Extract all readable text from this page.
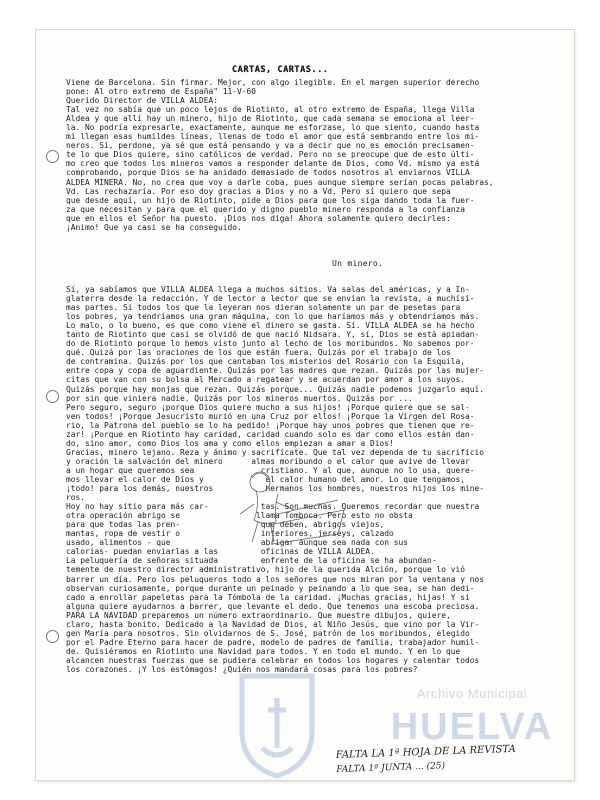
CARTAS, CARTAS...
Viene de Barcelona. Sin firmar. Mejor, con algo ilegible. En el margen superior derecho
pone: Al otro extremo de España" 11-V-60
Querido Director de VILLA ALDEA:
Tal vez no sabía que un poco lejos de Riotinto, al otro extremo de España, llega Villa
Aldea y que allí hay un minero, hijo de Riotinto, que cada semana se emociona al leer-
la. No podría expresarle, exactamente, aunque me esforzase, lo que siento, cuando hasta
mi llegan esas humildes líneas, llenas de todo el amor que está sembrando entre los mi-
neros. Sí, perdone, ya sé que está pensando y va a decir que no es emoción precisamen-
te lo que Dios quiere, sino católicos de verdad. Pero no se preocupe que de esto últi-
mo creo que todos los mineros vamos a responder delante de Dios, como Vd. mismo ya está
comprobando, porque Dios se ha anidado demasiado de todos nosotros al enviarnos VILLA
ALDEA MINERA. No, no crea que voy a darle coba, pues aunque siempre serían pocas palabras,
Vd. Las rechazaría. Por eso doy gracias a Dios y no a Vd. Pero sí quiero que sepa
que desde aquí, un hijo de Riotinto, pide a Dios para que los siga dando toda la fuer-
za que necesitan y para que el querido y digno pueblo minero responda a la confianza
que en ellos el Señor ha puesto. ¡Dios nos diga! Ahora solamente quiero decirles:
¡Animo! Que ya casi se ha conseguido.
Un minero.
Sí, ya sabíamos que VILLA ALDEA llega a muchos sitios. Va salas del américas, y a In-
glaterra desde la redacción. Y de lector a lector que se envían la revista, a muchísi-
mas partes. Si todos los que la leyeran nos dieran solamente un par de pesetas para
los pobres, ya tendríamos una gran máquina, con lo que haríamos más y obtendríamos más.
Lo malo, o lo bueno, es que como viene el dinero se gasta. Sí. VILLA ALDEA se ha hecho
tanto de Riotinto que casi se olvidó de que nació Nidsara. Y, sí, Dios se está apiadan-
do de Riotinto porque lo hemos visto junto al lecho de los moribundos. No sabemos por-
qué. Quizá por las oraciones de los que están fuera. Quizás por el trabajo de los
de contramina. Quizás por los que cantaban los misterios del Rosario con la Esquila,
entre copa y copa de aguardiente. Quizás por las madres que rezan. Quizás por las mujer-
citas que van con su bolsa al Mercado a regatear y se acuerdan por amor a los suyos.
Quizás porque hay monjas que rezan. Quizás porque... Quizás nadie podemos juzgarlo aquí.
por sin que viniera nadie. Quizás por los mineros muertos. Quizás por ...
Pero seguro, seguro ¡porque Dios quiere mucho a sus hijos! ¡Porque quiere que se sal-
ven todos! ¡Porque Jesucristo murió en una Cruz por ellos! ¡Porque la Virgen del Rosa-
rio, la Patrona del pueblo se lo ha pedido! ¡Porque hay unos pobres que tienen que re-
zar! ¡Porque en Riotinto hay caridad, caridad cuando solo es dar como ellos están dan-
do, sino amor, como Dios los ama y como ellos empiezan a amar a Dios!
Gracias, minero lejano. Reza y ánimo y sacrifícate. Que tal vez dependa de tu sacrificio
y oración la salvación del minero      almas moribundo o el calor que avive de llevar
a un hogar que queremos sea              cristiano. Y al que, aunque no lo usa, quere-
mos llevar el calor de Dios y             el calor humano del amor. Lo que tengamos,
¡todo! para los demás, nuestros           hermanos los hombres, nuestros hijos los mine-
ros.
Hoy no hay sitio para más car-           tas. Son muchas. Queremos recordar que nuestra
otra operación abrigo se                llama Tomboca. Pero esto no obsta
para que todas las pren-                 que deben, abrigos viejos,
mantas, ropa de vestir o                 interiores, jerseys, calzado
usado, alimentos - que                   abrigar aunque sea nada con sus
calorías- puedan enviarlas a las         oficinas de VILLA ALDEA.
La peluquería de señoras situada         enfrente de la oficina se ha abundan-
temente de nuestro director administrativo, hijo de la querida Alción, porque lo vió
barrer un día. Pero los peluqueros todo a los señores que nos miran por la ventana y nos
observan curiosamente, porque durante un peinado y peinando a lo que sea, se han dedi-
cado a enrollar papeletas para la Tómbola de la caridad. ¡Muchas gracias, hijas! Y si
alguna quiere ayudarnos a barrer, que levante el dedo. Que tenemos una escoba preciosa.
PARA LA NAVIDAD preparemos un número extraordinario. Que muestre dibujos, quiere,
claro, hasta bonito. Dedicado a la Navidad de Dios, al Niño Jesús, que vino por la Vir-
gen María para nosotros. Sin olvidarnos de S. José, patrón de los moribundos, elegido
por el Padre Eterno para hacer de padre, modelo de padres de familia, trabajador humil-
de. Quisiéramos en Riotinto una Navidad para todos. Y en todo el mundo. Y en lo que
alcancen nuestras fuerzas que se pudiera celebrar en todos los hogares y calentar todos
los corazones. ¡Y los estómagos! ¿Quién nos mandará cosas para los pobres?
Archivo Municipal
HUELVA
FALTA LA 1ª HOJA DE LA REVISTA
FALTA 1ª JUNTA ... (25)
